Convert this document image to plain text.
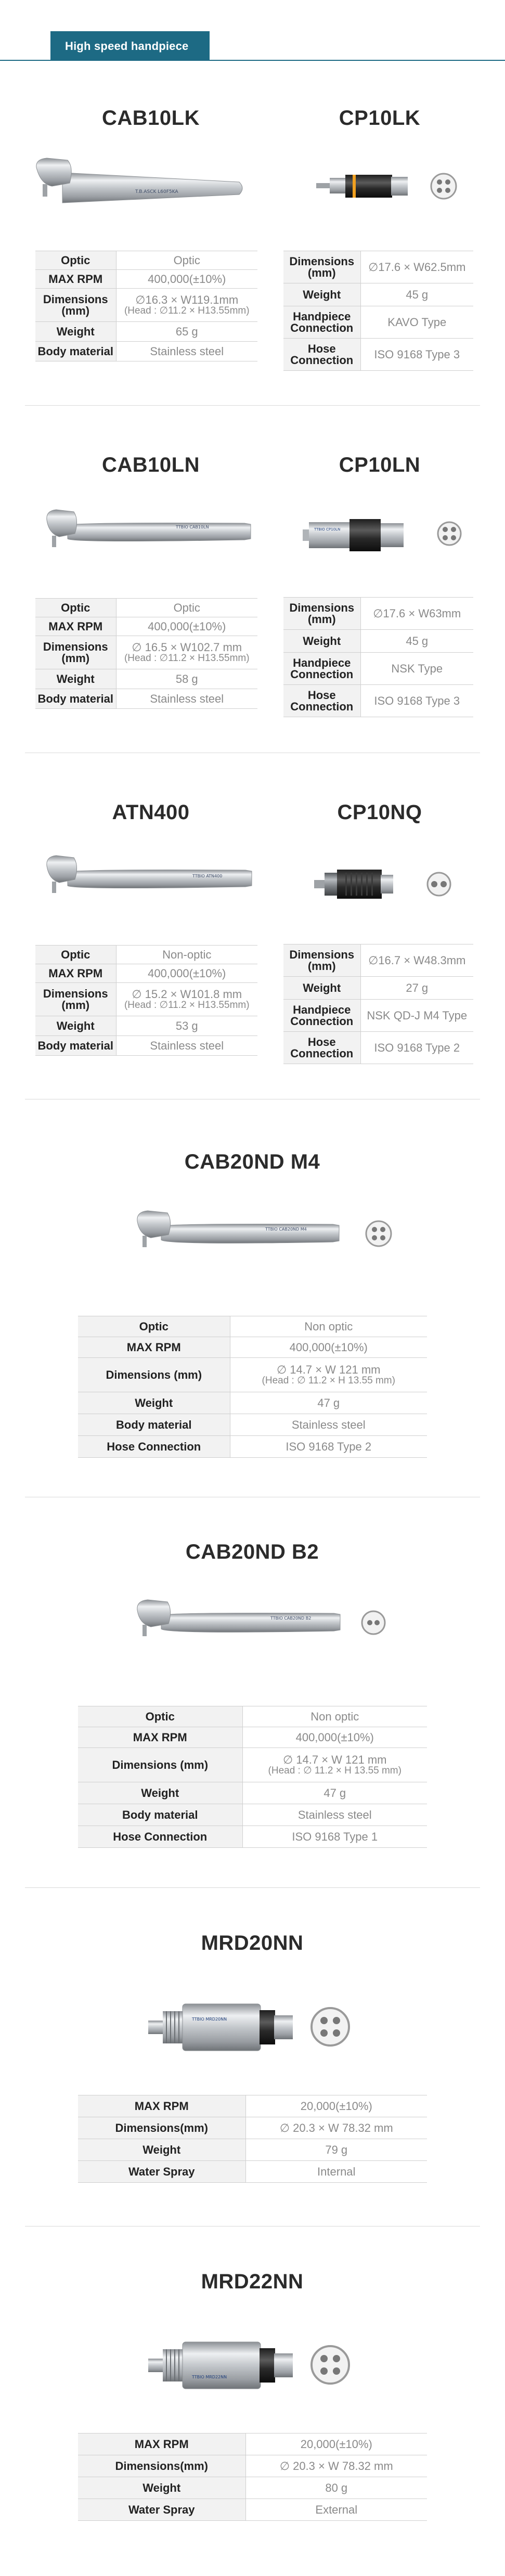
High speed handpiece
CAB10LK	CP10LK
T.B.ASCK L60F5KA
Optic	Optic
MAX RPM	400,000(±10%)
Dimensions (mm)	∅16.3 × W119.1mm
(Head : ∅11.2 × H13.55mm)

Weight	65 g
Body material	Stainless steel
Dimensions (mm)	∅17.6 × W62.5mm
Weight	45 g
Handpiece Connection	KAVO Type
Hose Connection	ISO 9168 Type 3
CAB10LN	CP10LN
TTBIO CAB10LN	TTBIO CP10LN
Optic	Optic
MAX RPM	400,000(±10%)
Dimensions (mm)	∅ 16.5 × W102.7 mm
(Head : ∅11.2 × H13.55mm)

Weight	58 g
Body material	Stainless steel
Dimensions (mm)	∅17.6 × W63mm
Weight	45 g
Handpiece Connection	NSK Type
Hose Connection	ISO 9168 Type 3
ATN400	CP10NQ
TTBIO ATN400
Optic	Non-optic
MAX RPM	400,000(±10%)
Dimensions (mm)	∅ 15.2 × W101.8 mm
(Head : ∅11.2 × H13.55mm)

Weight	53 g
Body material	Stainless steel
Dimensions (mm)	∅16.7 × W48.3mm
Weight	27 g
Handpiece Connection	NSK QD-J M4 Type
Hose Connection	ISO 9168 Type 2
CAB20ND M4
TTBIO CAB20ND M4
Optic	Non optic
MAX RPM	400,000(±10%)
Dimensions (mm)	∅ 14.7 × W 121 mm
(Head : ∅ 11.2 × H 13.55 mm)

Weight	47 g
Body material	Stainless steel
Hose Connection	ISO 9168 Type 2
CAB20ND B2
TTBIO CAB20ND B2
Optic	Non optic
MAX RPM	400,000(±10%)
Dimensions (mm)	∅ 14.7 × W 121 mm
(Head : ∅ 11.2 × H 13.55 mm)

Weight	47 g
Body material	Stainless steel
Hose Connection	ISO 9168 Type 1
MRD20NN
TTBIO MRD20NN
MAX RPM	20,000(±10%)
Dimensions(mm)	∅ 20.3 × W 78.32 mm
Weight	79 g
Water Spray	Internal
MRD22NN
TTBIO MRD22NN
MAX RPM	20,000(±10%)
Dimensions(mm)	∅ 20.3 × W 78.32 mm
Weight	80 g
Water Spray	External
